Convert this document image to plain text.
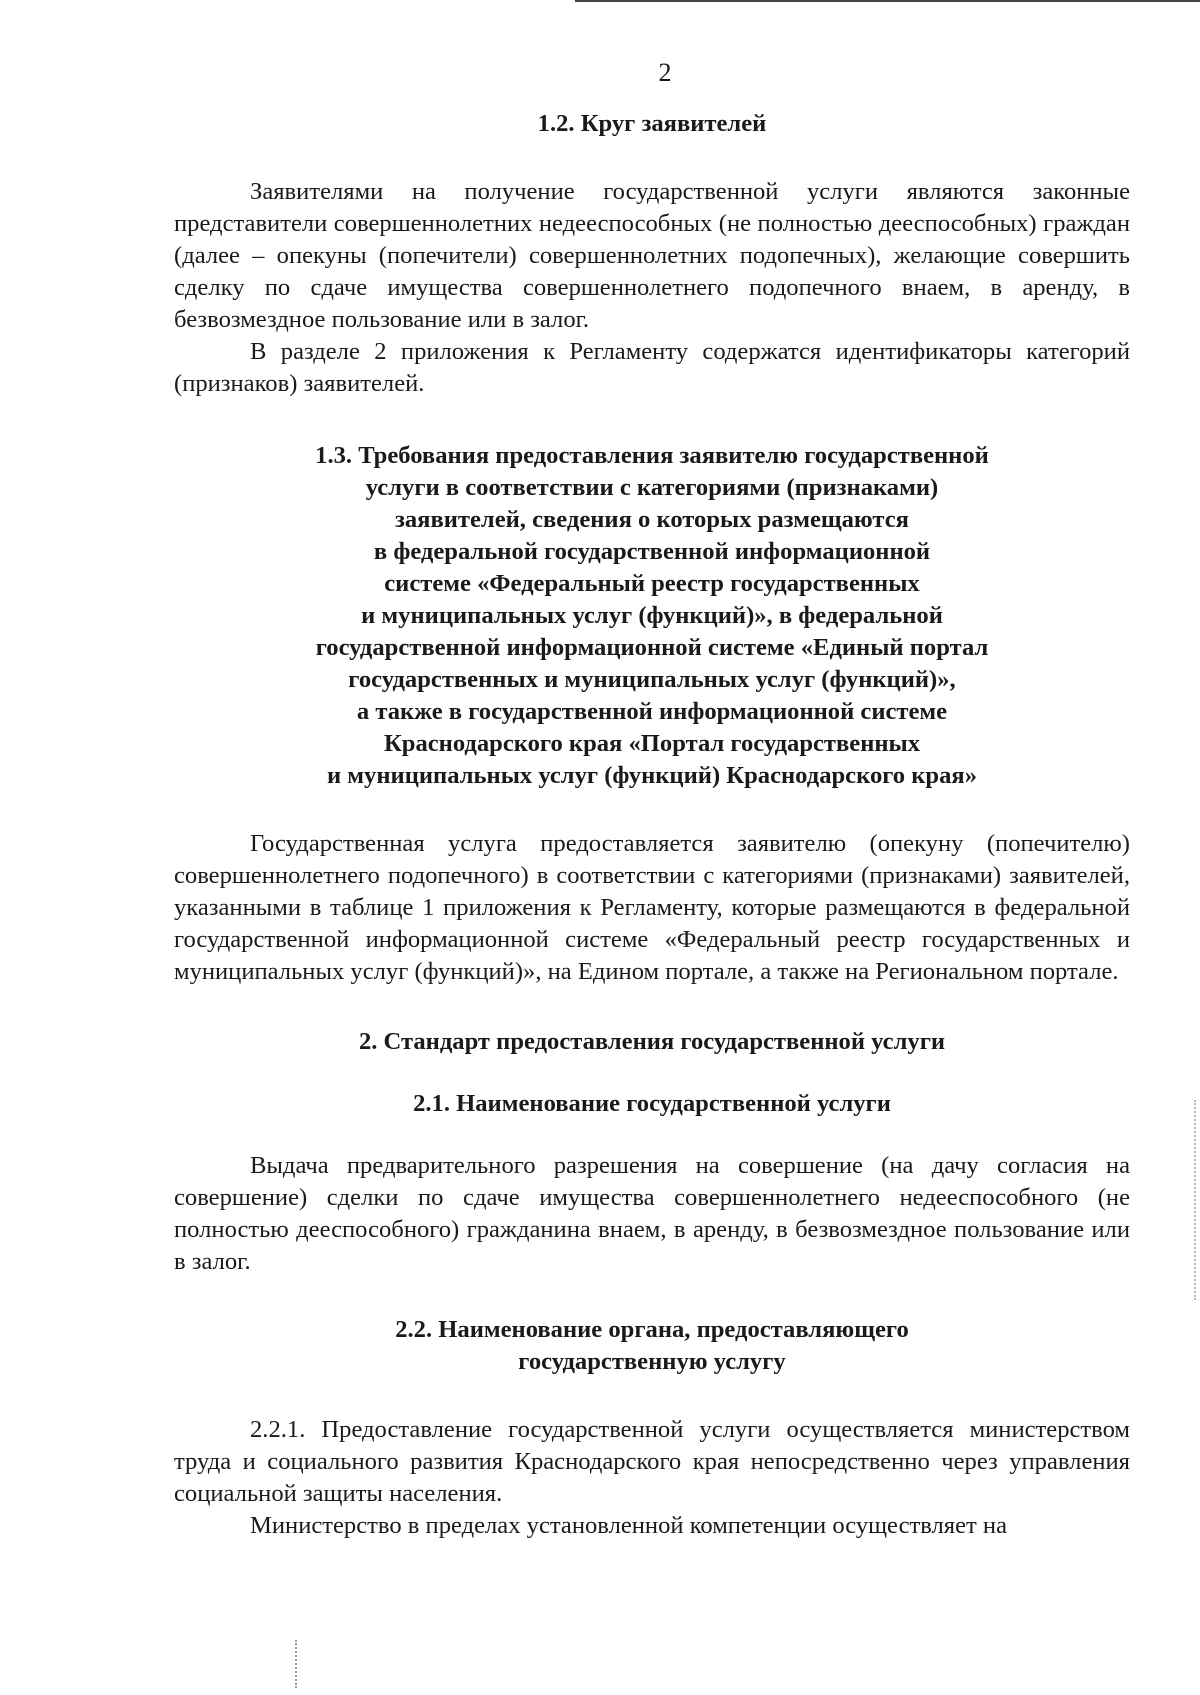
2
1.2. Круг заявителей

Заявителями на получение государственной услуги являются законные представители совершеннолетних недееспособных (не полностью дееспособных) граждан (далее – опекуны (попечители) совершеннолетних подопечных), желающие совершить сделку по сдаче имущества совершеннолетнего подопечного внаем, в аренду, в безвозмездное пользование или в залог.

В разделе 2 приложения к Регламенту содержатся идентификаторы категорий (признаков) заявителей.

1.3. Требования предоставления заявителю государственной
услуги в соответствии с категориями (признаками)
заявителей, сведения о которых размещаются
в федеральной государственной информационной
системе «Федеральный реестр государственных
и муниципальных услуг (функций)», в федеральной
государственной информационной системе «Единый портал
государственных и муниципальных услуг (функций)»,
а также в государственной информационной системе
Краснодарского края «Портал государственных
и муниципальных услуг (функций) Краснодарского края»

Государственная услуга предоставляется заявителю (опекуну (попечителю) совершеннолетнего подопечного) в соответствии с категориями (признаками) заявителей, указанными в таблице 1 приложения к Регламенту, которые размещаются в федеральной государственной информационной системе «Федеральный реестр государственных и муниципальных услуг (функций)», на Едином портале, а также на Региональном портале.

2. Стандарт предоставления государственной услуги
2.1. Наименование государственной услуги

Выдача предварительного разрешения на совершение (на дачу согласия на совершение) сделки по сдаче имущества совершеннолетнего недееспособного (не полностью дееспособного) гражданина внаем, в аренду, в безвозмездное пользование или в залог.

2.2. Наименование органа, предоставляющего
государственную услугу

2.2.1. Предоставление государственной услуги осуществляется министерством труда и социального развития Краснодарского края непосредственно через управления социальной защиты населения.

Министерство в пределах установленной компетенции осуществляет на
